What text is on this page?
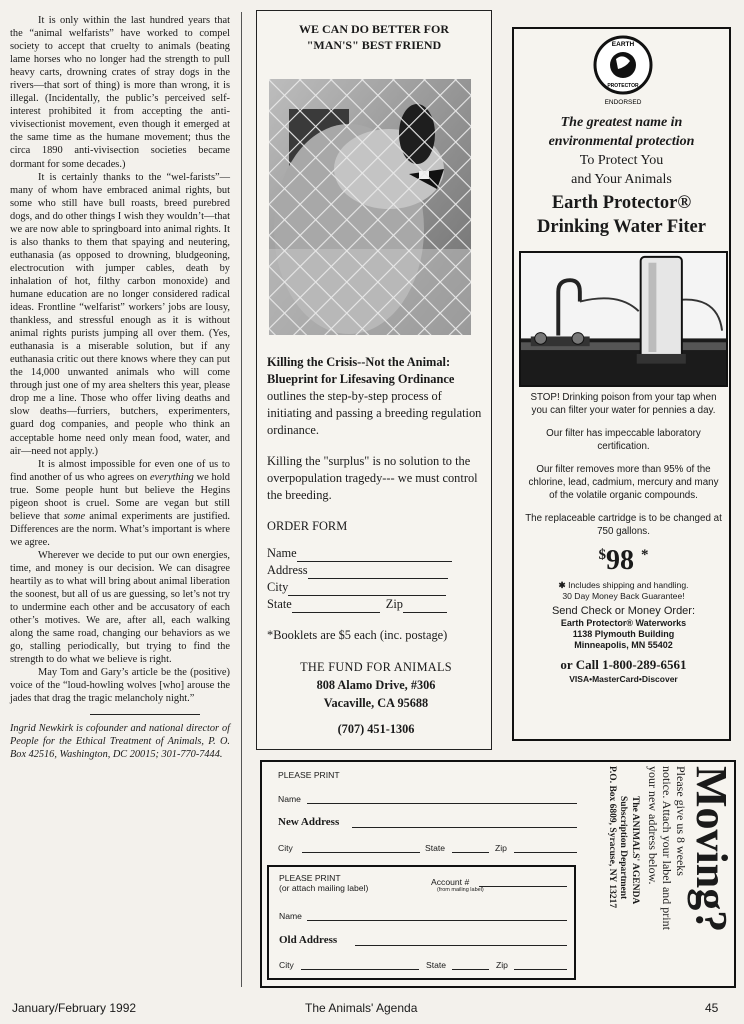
It is only within the last hundred years that the “animal welfarists” have worked to compel society to accept that cruelty to animals (beating lame horses who no longer had the strength to pull heavy carts, drowning crates of stray dogs in the rivers—that sort of thing) is more than wrong, it is illegal. (Incidentally, the public’s perceived self-interest prohibited it from accepting the anti-vivisectionist movement, even though it emerged at the same time as the humane movement; thus the circa 1890 anti-vivisection societies became dormant for some decades.)

It is certainly thanks to the “wel-farists”—many of whom have embraced animal rights, but some who still have bull roasts, breed purebred dogs, and do other things I wish they wouldn’t—that we are now able to springboard into animal rights. It is also thanks to them that spaying and neutering, euthanasia (as opposed to drowning, bludgeoning, electrocution with jumper cables, death by inhalation of hot, filthy carbon monoxide) and humane education are no longer considered radical ideas. Frontline “welfarist” workers’ jobs are lousy, thankless, and stressful enough as it is without animal rights purists jumping all over them. (Yes, euthanasia is a miserable solution, but if any euthanasia critic out there knows where they can put the 14,000 unwanted animals who will come through just one of my area shelters this year, please drop me a line. Those who offer living deaths and slow deaths—furriers, butchers, experimenters, guard dog companies, and people who think an acceptable home need only mean food, water, and air—need not apply.)

It is almost impossible for even one of us to find another of us who agrees on everything we hold true. Some people hunt but believe the Hegins pigeon shoot is cruel. Some are vegan but still believe that some animal experiments are justified. Differences are the norm. What’s important is where we agree.

Wherever we decide to put our own energies, time, and money is our decision. We can disagree heartily as to what will bring about animal liberation the soonest, but all of us are guessing, so let’s not try to undermine each other and be accusatory of each other’s motives. We are, after all, each walking along the same road, changing our behaviors as we go, stalling periodically, but trying to find the strength to do what we believe is right.

May Tom and Gary’s article be the (positive) voice of the “loud-howling wolves [who] arouse the jades that drag the tragic melancholy night.”

Ingrid Newkirk is cofounder and national director of People for the Ethical Treatment of Animals, P. O. Box 42516, Washington, DC 20015; 301-770-7444.
WE CAN DO BETTER FOR
"MAN'S" BEST FRIEND

Killing the Crisis--Not the Animal:
Blueprint for Lifesaving Ordinance
outlines the step-by-step process of initiating and passing a breeding regulation ordinance.

Killing the "surplus" is no solution to the overpopulation tragedy--- we must control the breeding.

ORDER FORM

Name
Address
City
State	Zip

*Booklets are $5 each (inc. postage)

THE FUND FOR ANIMALS
808 Alamo Drive, #306
Vacaville, CA 95688
(707) 451-1306
EARTH
PROTECTOR
ENDORSED
The greatest name in
environmental protection
To Protect You
and Your Animals
Earth Protector®
Drinking Water Fiter

STOP! Drinking poison from your tap when you can filter your water for pennies a day.

Our filter has impeccable laboratory certification.

Our filter removes more than 95% of the chlorine, lead, cadmium, mercury and many of the volatile organic compounds.

The replaceable cartridge is to be changed at 750 gallons.

$98 *
✱ Includes shipping and handling.
30 Day Money Back Guarantee!
Send Check or Money Order:
Earth Protector® Waterworks
1138 Plymouth Building
Minneapolis, MN 55402
or Call 1-800-289-6561
VISA•MasterCard•Discover
PLEASE PRINT
Name
New Address
City	State	Zip
PLEASE PRINT
(or attach mailing label)
Account #
(from mailing label)
Name
Old Address
City	State	Zip
Moving?
Please give us 8 weeks
notice. Attach your label and print
your new address below.
The ANIMALS' AGENDA
Subscription Department
P.O. Box 6809, Syracuse, NY 13217
January/February 1992	The Animals' Agenda	45
